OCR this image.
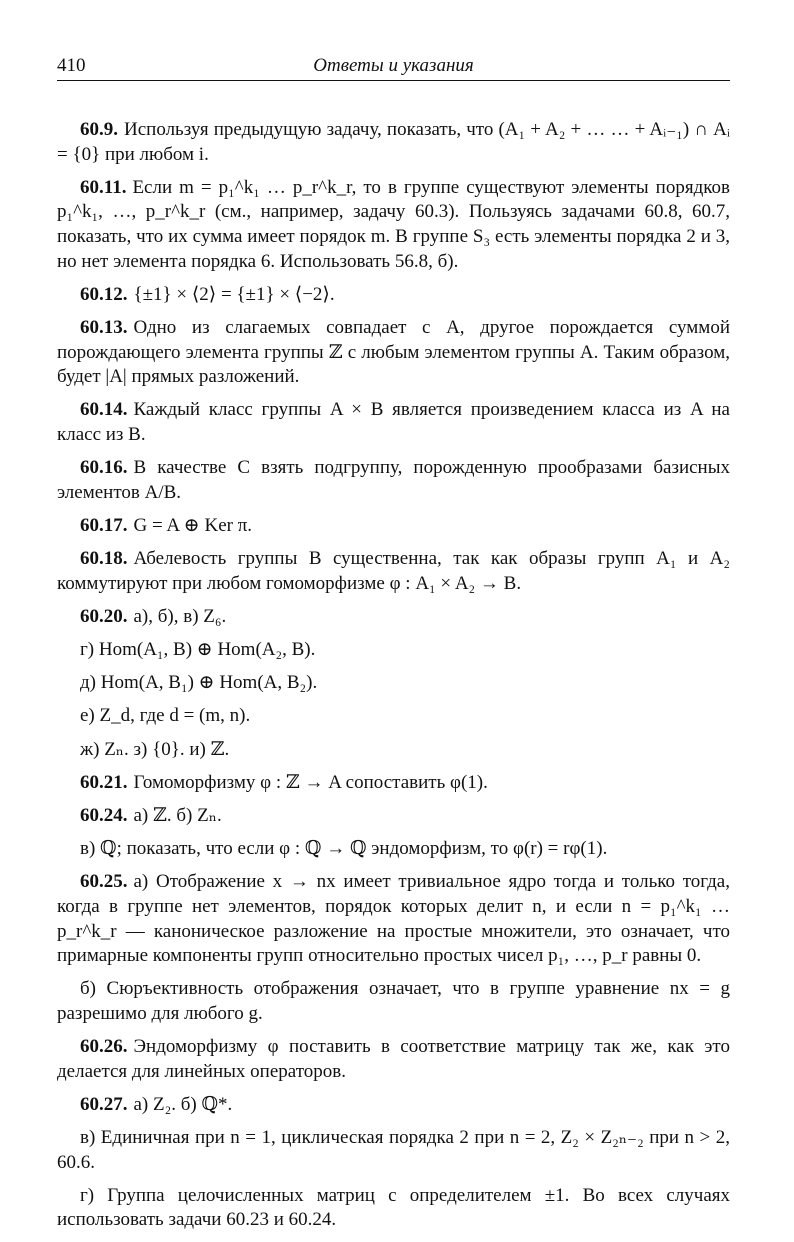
410	Ответы и указания

60.9. Используя предыдущую задачу, показать, что (A₁ + A₂ + … … + Aᵢ₋₁) ∩ Aᵢ = {0} при любом i.

60.11. Если m = p₁^k₁ … p_r^k_r, то в группе существуют элементы порядков p₁^k₁, …, p_r^k_r (см., например, задачу 60.3). Пользуясь задачами 60.8, 60.7, показать, что их сумма имеет порядок m. В группе S₃ есть элементы порядка 2 и 3, но нет элемента порядка 6. Использовать 56.8, б).

60.12. {±1} × ⟨2⟩ = {±1} × ⟨−2⟩.

60.13. Одно из слагаемых совпадает с A, другое порождается суммой порождающего элемента группы ℤ с любым элементом группы A. Таким образом, будет |A| прямых разложений.

60.14. Каждый класс группы A × B является произведением класса из A на класс из B.

60.16. В качестве C взять подгруппу, порожденную прообразами базисных элементов A/B.

60.17. G = A ⊕ Ker π.

60.18. Абелевость группы B существенна, так как образы групп A₁ и A₂ коммутируют при любом гомоморфизме φ : A₁ × A₂ → B.

60.20. а), б), в) Z₆.

г) Hom(A₁, B) ⊕ Hom(A₂, B).

д) Hom(A, B₁) ⊕ Hom(A, B₂).

е) Z_d, где d = (m, n).

ж) Zₙ. з) {0}. и) ℤ.

60.21. Гомоморфизму φ : ℤ → A сопоставить φ(1).

60.24. а) ℤ. б) Zₙ.

в) ℚ; показать, что если φ : ℚ → ℚ эндоморфизм, то φ(r) = rφ(1).

60.25. а) Отображение x → nx имеет тривиальное ядро тогда и только тогда, когда в группе нет элементов, порядок которых делит n, и если n = p₁^k₁ … p_r^k_r — каноническое разложение на простые множители, это означает, что примарные компоненты групп относительно простых чисел p₁, …, p_r равны 0.

б) Сюръективность отображения означает, что в группе уравнение nx = g разрешимо для любого g.

60.26. Эндоморфизму φ поставить в соответствие матрицу так же, как это делается для линейных операторов.

60.27. а) Z₂. б) ℚ*.

в) Единичная при n = 1, циклическая порядка 2 при n = 2, Z₂ × Z₂ₙ₋₂ при n > 2, 60.6.

г) Группа целочисленных матриц с определителем ±1. Во всех случаях использовать задачи 60.23 и 60.24.
